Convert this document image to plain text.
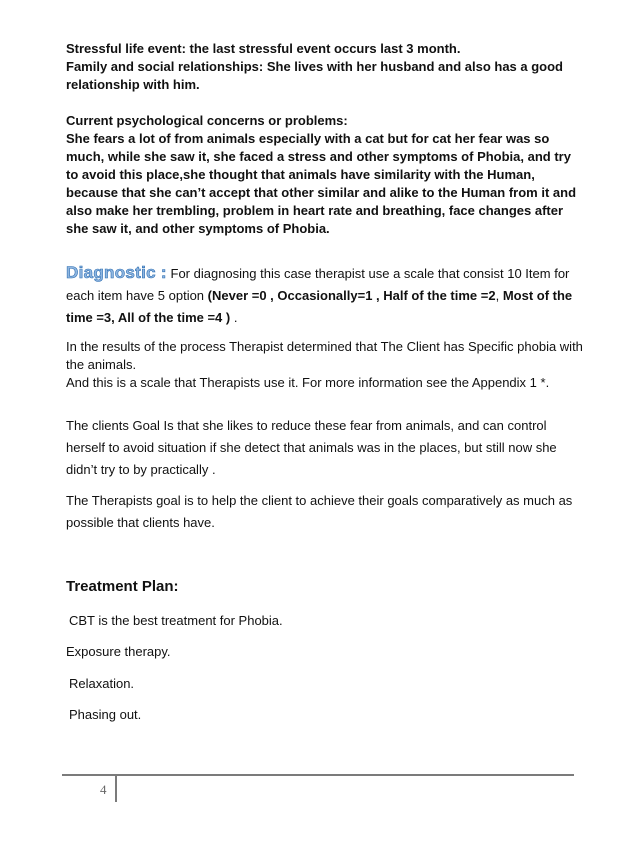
Stressful life event: the last stressful event occurs last 3 month.
Family and social relationships: She lives with her husband and also has a good relationship with him.
Current psychological concerns or problems:
She fears a lot of from animals especially with a cat but for cat her fear was so much, while she saw it, she faced a stress and other symptoms of Phobia, and try to avoid this place,she thought that animals have similarity with the Human, because that she can’t accept that other similar and alike to the Human from it and also make her trembling, problem in heart rate and breathing, face changes after she saw it, and other symptoms of Phobia.
Diagnostic : For diagnosing this case therapist use a scale that consist 10 Item for each item have 5 option (Never =0 , Occasionally=1 , Half of the time =2, Most of the time =3, All of the time =4 ) .
In the results of the process Therapist determined that The Client has Specific phobia with the animals.
And this is a scale that Therapists use it. For more information see the Appendix 1 *.
The clients Goal Is that she likes to reduce these fear from animals, and can control herself to avoid situation if she detect that animals was in the places, but still now she didn’t try to by practically .
The Therapists goal is to help the client to achieve their goals comparatively as much as possible that clients have.
Treatment Plan:
CBT is the best treatment for Phobia.
Exposure therapy.
Relaxation.
Phasing out.
4
